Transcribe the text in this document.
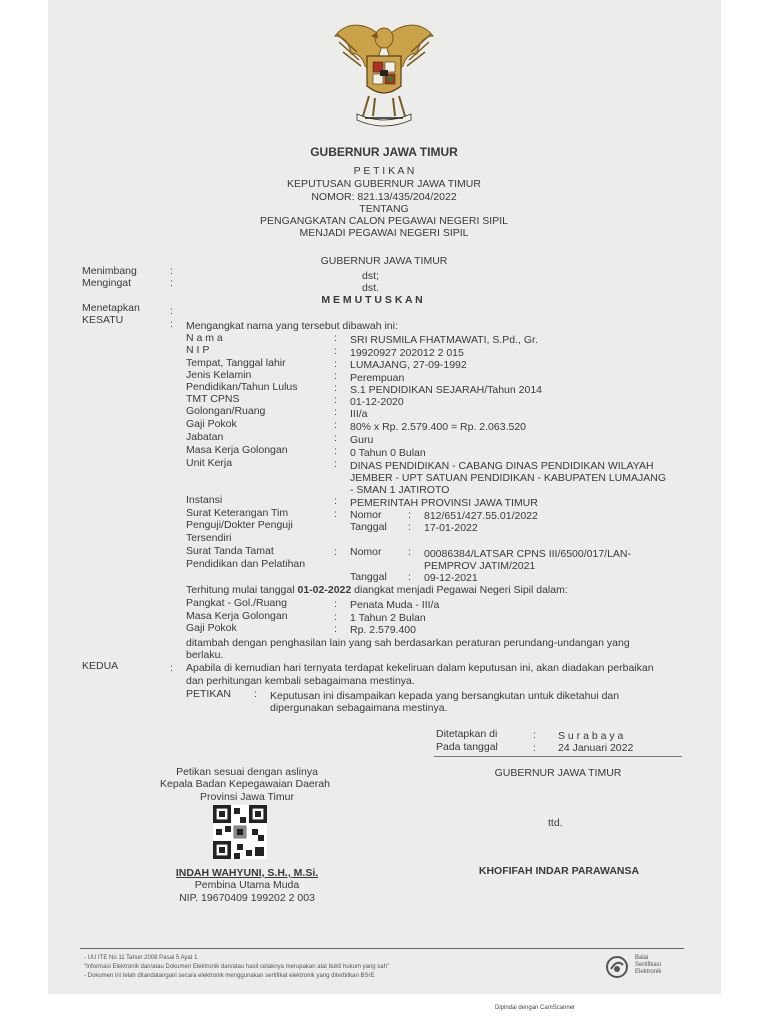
GUBERNUR JAWA TIMUR
P E T I K A N
KEPUTUSAN GUBERNUR JAWA TIMUR
NOMOR: 821.13/435/204/2022
TENTANG
PENGANGKATAN CALON PEGAWAI NEGERI SIPIL
MENJADI PEGAWAI NEGERI SIPIL
GUBERNUR JAWA TIMUR
Menimbang	:	dst;
Mengingat	:	dst.
M E M U T U S K A N
Menetapkan	:
KESATU	: Mengangkat nama yang tersebut dibawah ini:
N a m a	: SRI RUSMILA FHATMAWATI, S.Pd., Gr.
N I P	: 19920927 202012 2 015
Tempat, Tanggal lahir	: LUMAJANG, 27-09-1992
Jenis Kelamin	: Perempuan
Pendidikan/Tahun Lulus	: S.1 PENDIDIKAN SEJARAH/Tahun 2014
TMT CPNS	: 01-12-2020
Golongan/Ruang	: III/a
Gaji Pokok	: 80% x Rp. 2.579.400 = Rp. 2.063.520
Jabatan	: Guru
Masa Kerja Golongan	: 0 Tahun 0 Bulan
Unit Kerja	: DINAS PENDIDIKAN - CABANG DINAS PENDIDIKAN WILAYAH
JEMBER - UPT SATUAN PENDIDIKAN - KABUPATEN LUMAJANG
- SMAN 1 JATIROTO
Instansi	: PEMERINTAH PROVINSI JAWA TIMUR
Surat Keterangan Tim	: Nomor	: 812/651/427.55.01/2022
Penguji/Dokter Penguji	Tanggal : 17-01-2022
Tersendiri
Surat Tanda Tamat	: Nomor	: 00086384/LATSAR CPNS III/6500/017/LAN-
Pendidikan dan Pelatihan	PEMPROV JATIM/2021
Tanggal : 09-12-2021
Terhitung mulai tanggal 01-02-2022 diangkat menjadi Pegawai Negeri Sipil dalam:
Pangkat - Gol./Ruang	: Penata Muda - III/a
Masa Kerja Golongan	: 1 Tahun 2 Bulan
Gaji Pokok	: Rp. 2.579.400
ditambah dengan penghasilan lain yang sah berdasarkan peraturan perundang-undangan yang
berlaku.
KEDUA	: Apabila di kemudian hari ternyata terdapat kekeliruan dalam keputusan ini, akan diadakan perbaikan
dan perhitungan kembali sebagaimana mestinya.
PETIKAN : Keputusan ini disampaikan kepada yang bersangkutan untuk diketahui dan
dipergunakan sebagaimana mestinya.
Ditetapkan di	: S u r a b a y a
Pada tanggal	: 24 Januari 2022
Petikan sesuai dengan aslinya
Kepala Badan Kepegawaian Daerah
Provinsi Jawa Timur
INDAH WAHYUNI, S.H., M.Si.
Pembina Utama Muda
NIP. 19670409 199202 2 003
GUBERNUR JAWA TIMUR
ttd.
KHOFIFAH INDAR PARAWANSA
- UU ITE No 11 Tahun 2008 Pasal 5 Ayat 1
"Informasi Elektronik dan/atau Dokumen Elektronik dan/atau hasil cetaknya merupakan alat bukti hukum yang sah"
- Dokumen ini telah ditandatangani secara elektronik menggunakan sertifikat elektronik yang diterbitkan BSrE
Balai
Sertifikasi
Elektronik
Dipindai dengan CamScanner
